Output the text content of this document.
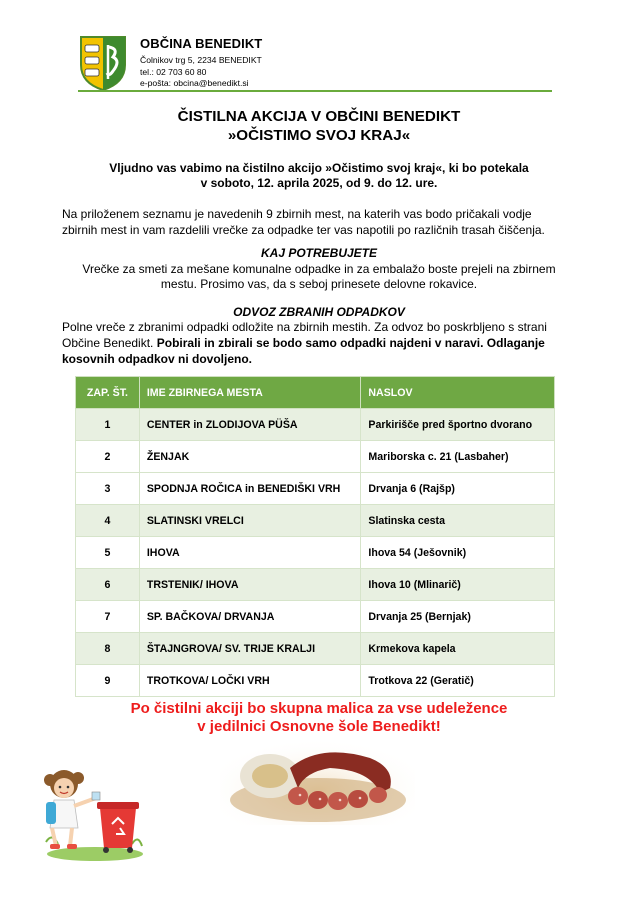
OBČINA BENEDIKT
Čolnikov trg 5, 2234 BENEDIKT
tel.: 02 703 60 80
e-pošta: obcina@benedikt.si
ČISTILNA AKCIJA V OBČINI BENEDIKT
»OČISTIMO SVOJ KRAJ«
Vljudno vas vabimo na čistilno akcijo »Očistimo svoj kraj«, ki bo potekala
v soboto, 12. aprila 2025, od 9. do 12. ure.
Na priloženem seznamu je navedenih 9 zbirnih mest, na katerih vas bodo pričakali vodje
zbirnih mest in vam razdelili vrečke za odpadke ter vas napotili po različnih trasah čiščenja.
KAJ POTREBUJETE
Vrečke za smeti za mešane komunalne odpadke in za embalažo boste prejeli na zbirnem
mestu. Prosimo vas, da s seboj prinesete delovne rokavice.
ODVOZ ZBRANIH ODPADKOV
Polne vreče z zbranimi odpadki odložite na zbirnih mestih. Za odvoz bo poskrbljeno s strani
Občine Benedikt. Pobirali in zbirali se bodo samo odpadki najdeni v naravi. Odlaganje
kosovnih odpadkov ni dovoljeno.
ZAP. ŠT.	IME ZBIRNEGA MESTA	NASLOV
1	CENTER in ZLODIJOVA PÜŠA	Parkirišče pred športno dvorano
2	ŽENJAK	Mariborska c. 21 (Lasbaher)
3	SPODNJA ROČICA in BENEDIŠKI VRH	Drvanja 6 (Rajšp)
4	SLATINSKI VRELCI	Slatinska cesta
5	IHOVA	Ihova 54 (Ješovnik)
6	TRSTENIK/ IHOVA	Ihova 10 (Mlinarič)
7	SP. BAČKOVA/ DRVANJA	Drvanja 25 (Bernjak)
8	ŠTAJNGROVA/ SV. TRIJE KRALJI	Krmekova kapela
9	TROTKOVA/ LOČKI VRH	Trotkova 22 (Geratič)
Po čistilni akciji bo skupna malica za vse udeležence
v jedilnici Osnovne šole Benedikt!
